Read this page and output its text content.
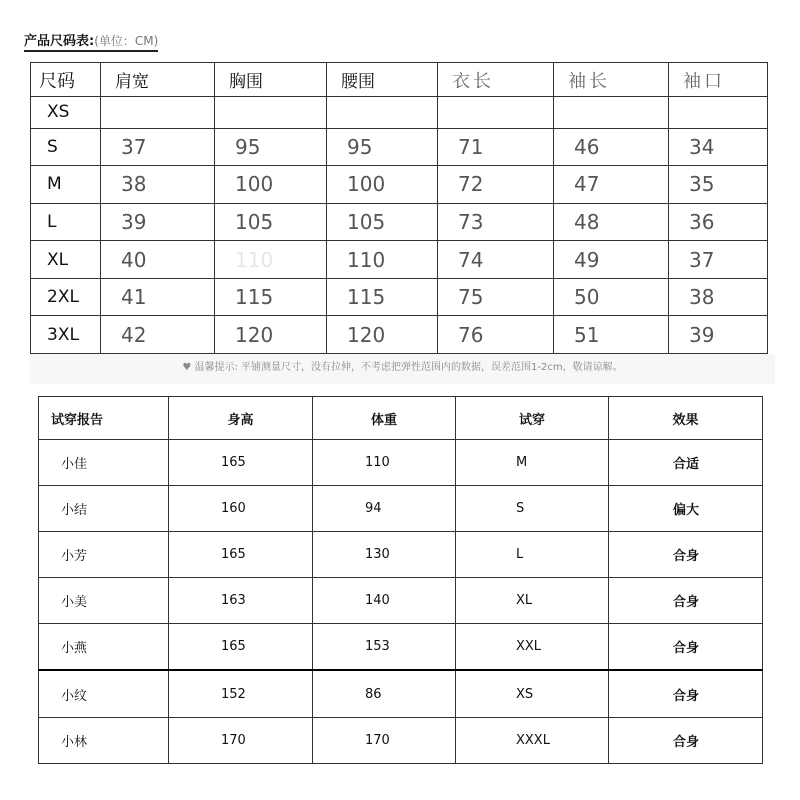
产品尺码表:(单位：CM)
尺码	肩宽	胸围	腰围	衣长	袖长	袖口
XS						
S	37	95	95	71	46	34
M	38	100	100	72	47	35
L	39	105	105	73	48	36
XL	40	110	110	74	49	37
2XL	41	115	115	75	50	38
3XL	42	120	120	76	51	39
♥ 温馨提示: 平铺测量尺寸，没有拉伸，不考虑把弹性范围内的数据，误差范围1-2cm，敬请谅解。
试穿报告	身高	体重	试穿	效果
小佳	165	110	M	合适
小结	160	94	S	偏大
小芳	165	130	L	合身
小美	163	140	XL	合身
小燕	165	153	XXL	合身
小纹	152	86	XS	合身
小林	170	170	XXXL	合身
